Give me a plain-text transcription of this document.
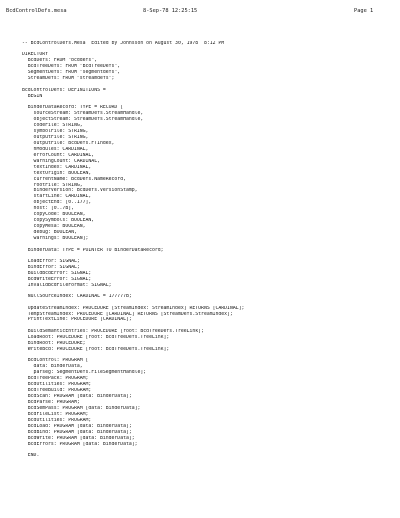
BcdControlDefs.mesa	8-Sep-78 12:25:15	Page 1
-- BcdControlDefs.Mesa  Edited by Johnsson on August 30, 1978  8:12 PM
DIRECTORY
BcdDefs: FROM "bcddefs",
BcdTreeDefs: FROM "BcdTreeDefs",
SegmentDefs: FROM "segmentdefs",
StreamDefs: FROM "streamdefs";
BcdControlDefs: DEFINITIONS =
BEGIN
BinderDataRecord: TYPE = RECORD [
sourceStream: StreamDefs.StreamHandle,
objectStream: StreamDefs.StreamHandle,
codeFile: STRING,
symbolFile: STRING,
outputFile: STRING,
outputFile: BcdDefs.FTIndex,
nModules: CARDINAL,
errorCount: CARDINAL,
warningCount: CARDINAL,
textIndex: CARDINAL,
textOrigin: BOOLEAN,
currentName: BcdDefs.NameRecord,
rootFile: STRING,
binderVersion: BcdDefs.VersionStamp,
startLine: CARDINAL,
objectEnd: [0..177],
host: [0..7B],
copyCode: BOOLEAN,
copySymbols: BOOLEAN,
copyMesa: BOOLEAN,
debug: BOOLEAN,
warnings: BOOLEAN];
BinderData: TYPE = POINTER TO BinderDataRecord;
LoadError: SIGNAL;
BindError: SIGNAL;
BuildBcdError: SIGNAL;
BcdWriteError: SIGNAL;
InvalidBcdFileFormat: SIGNAL;
NullSourceIndex: CARDINAL = 177777B;
UpdateStreamIndex: PROCEDURE [StreamIndex: StreamIndex] RETURNS [CARDINAL];
TempStreamIndex: PROCEDURE [CARDINAL] RETURNS [StreamDefs.StreamIndex];
PrintTextLine: PROCEDURE [CARDINAL];
BuildSemanticEntries: PROCEDURE [root: BcdTreeDefs.TreeLink];
LoadRoot: PROCEDURE [root: BcdTreeDefs.TreeLink];
BindRoot: PROCEDURE;
WriteBcd: PROCEDURE [root: BcdTreeDefs.TreeLink];
BcdControl: PROGRAM [
data: BinderData,
parseg: SegmentDefs.FileSegmentHandle];
BcdTreePack: PROGRAM;
BcdUtilities: PROGRAM;
BcdTreeBuild: PROGRAM;
BcdScan: PROGRAM [data: BinderData];
BcdParse: PROGRAM;
BcdSemPass: PROGRAM [data: BinderData];
BcdFileList: PROGRAM;
BcdUtilities: PROGRAM;
BcdLoad: PROGRAM [data: BinderData];
BcdBind: PROGRAM [data: BinderData];
BcdWrite: PROGRAM [data: BinderData];
BcdErrors: PROGRAM [data: BinderData];
END.
